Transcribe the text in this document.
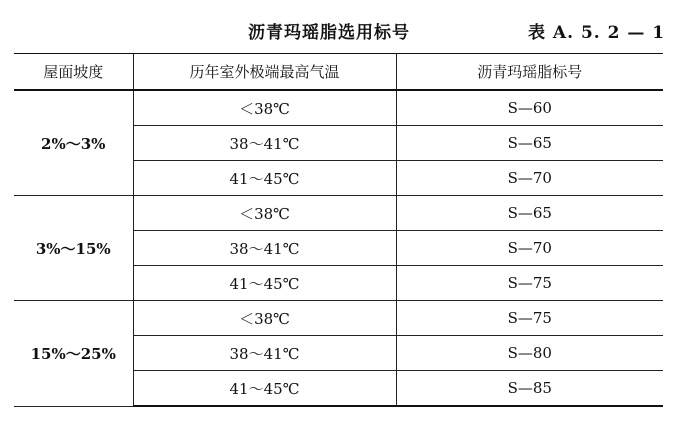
沥青玛瑶脂选用标号	表 A. 5. 2 — 1
屋面坡度	历年室外极端最高气温	沥青玛瑶脂标号
2%～3%	＜38℃	S—60
	38～41℃	S—65
	41～45℃	S—70
3%～15%	＜38℃	S—65
	38～41℃	S—70
	41～45℃	S—75
15%～25%	＜38℃	S—75
	38～41℃	S—80
	41～45℃	S—85
